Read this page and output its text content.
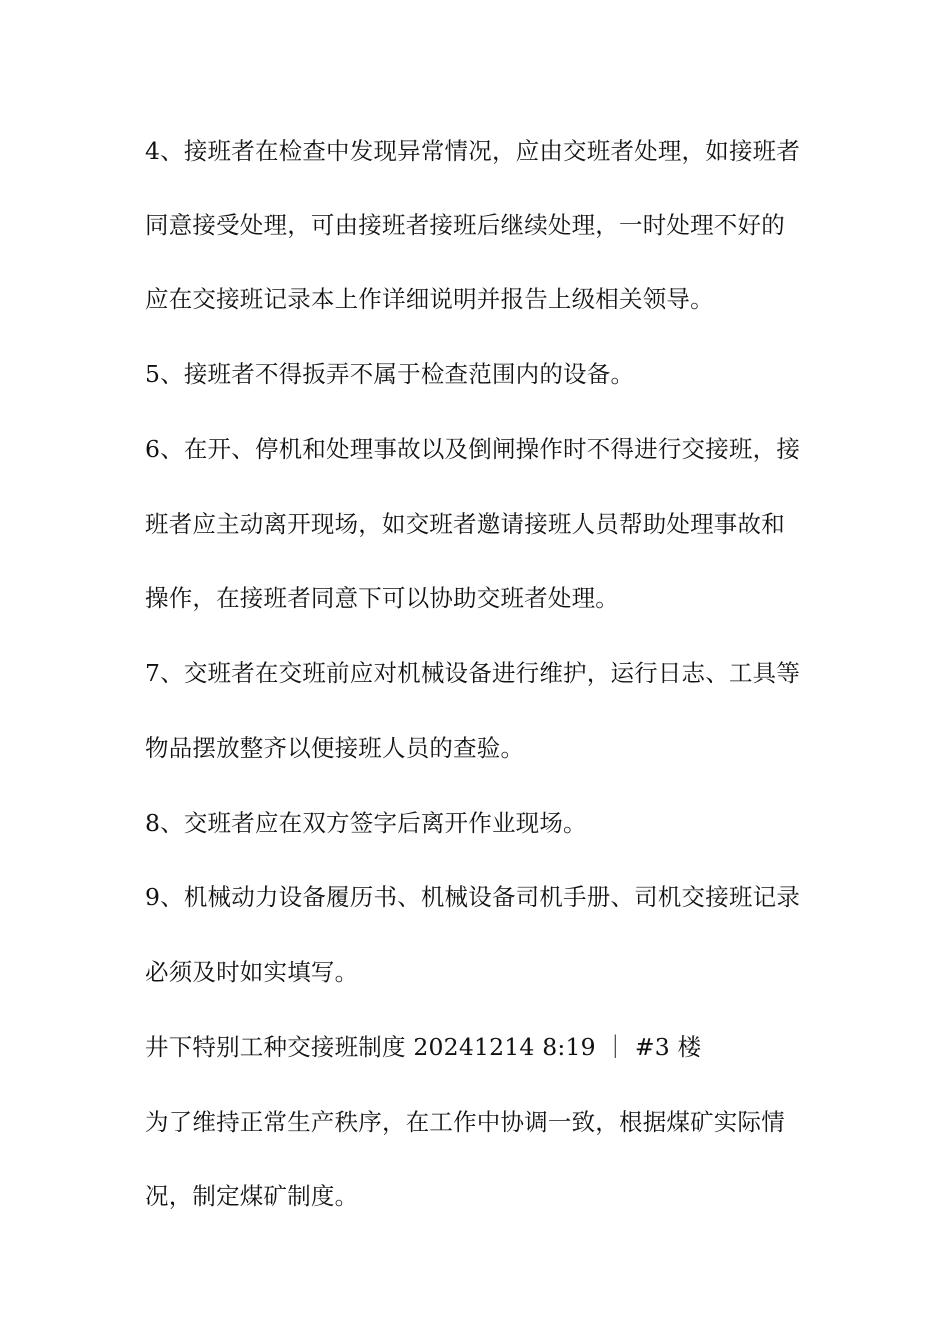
4、接班者在检查中发现异常情况，应由交班者处理，如接班者
同意接受处理，可由接班者接班后继续处理，一时处理不好的
应在交接班记录本上作详细说明并报告上级相关领导。
5、接班者不得扳弄不属于检查范围内的设备。
6、在开、停机和处理事故以及倒闸操作时不得进行交接班，接
班者应主动离开现场，如交班者邀请接班人员帮助处理事故和
操作，在接班者同意下可以协助交班者处理。
7、交班者在交班前应对机械设备进行维护，运行日志、工具等
物品摆放整齐以便接班人员的查验。
8、交班者应在双方签字后离开作业现场。
9、机械动力设备履历书、机械设备司机手册、司机交接班记录
必须及时如实填写。
井下特别工种交接班制度 20241214 8:19 ｜ #3 楼
为了维持正常生产秩序，在工作中协调一致，根据煤矿实际情
况，制定煤矿制度。
